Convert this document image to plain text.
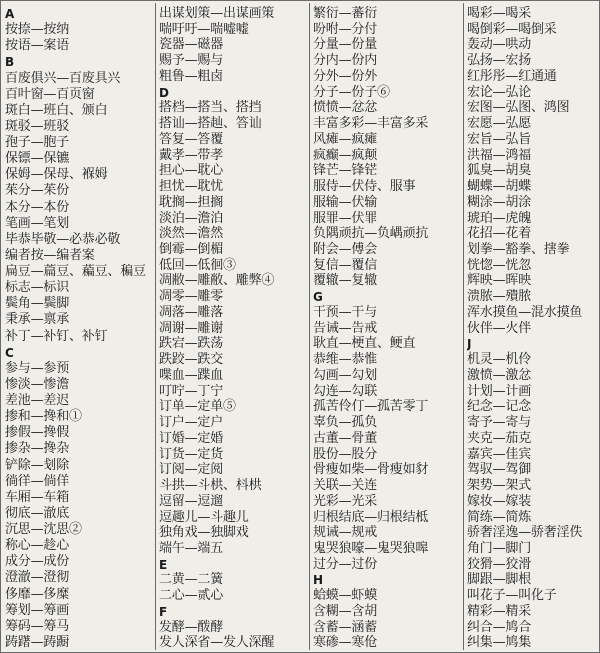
A
按捺—按纳
按语—案语
B
百废俱兴—百废具兴
百叶窗—百页窗
斑白—班白、颁白
斑驳—班驳
孢子—胞子
保镖—保镳
保姆—保母、褓姆
茱分—茱份
本分—本份
笔画—笔划
毕恭毕敬—必恭必敬
编者按—编者案
扁豆—萹豆、藊豆、稨豆
标志—标识
鬓角—鬓脚
秉承—禀承
补丁—补钉、补钉
C
参与—参预
惨淡—惨澹
差池—差迟
掺和—搀和①
掺假—搀假
掺杂—搀杂
铲除—刬除
徜徉—倘佯
车厢—车箱
彻底—澈底
沉思—沈思②
称心—趁心
成分—成份
澄澈—澄彻
侈靡—侈糜
筹划—筹画
筹码—筹马
踌躇—踌蹰
出谋划策—出谋画策
喘吁吁—喘嘘嘘
瓷器—磁器
赐予—赐与
粗鲁—粗卤
D
搭档—搭当、搭挡
搭讪—搭赸、答讪
答复—答覆
戴孝—带孝
担心—耽心
担忧—耽忧
耽搁—担搁
淡泊—澹泊
淡然—澹然
倒霉—倒楣
低回—低徊③
凋敝—雕敝、雕弊④
凋零—雕零
凋落—雕落
凋谢—雕谢
跌宕—跌荡
跌跤—跌交
喋血—蹀血
叮咛—丁宁
订单—定单⑤
订户—定户
订婚—定婚
订货—定货
订阅—定阅
斗拱—斗栱、枓栱
逗留—逗遛
逗趣儿—斗趣儿
独角戏—独脚戏
端午—端五
E
二黄—二簧
二心—贰心
F
发酵—酦酵
发人深省—发人深醒
繁衍—蕃衍
吩咐—分付
分量—份量
分内—份内
分外—份外
分子—份子⑥
愤愤—忿忿
丰富多彩—丰富多采
风瘫—疯瘫
疯癫—疯颠
锋芒—锋铓
服侍—伏侍、服事
服输—伏输
服罪—伏罪
负隅顽抗—负嵎顽抗
附会—傅会
复信—覆信
覆辙—复辙
G
干预—干与
告诫—告戒
耿直—梗直、鲠直
恭维—恭惟
勾画—勾划
勾连—勾联
孤苦伶仃—孤苦零丁
辜负—孤负
古董—骨董
股份—股分
骨瘦如柴—骨瘦如豺
关联—关连
光彩—光采
归根结底—归根结柢
规诫—规戒
鬼哭狼嚎—鬼哭狼嗥
过分—过份
H
蛤蟆—虾蟆
含糊—含胡
含蓄—涵蓄
寒碜—寒伧
喝彩—喝采
喝倒彩—喝倒采
轰动—哄动
弘扬—宏扬
红彤彤—红通通
宏论—弘论
宏图—弘图、鸿图
宏愿—弘愿
宏旨—弘旨
洪福—鸿福
狐臭—胡臭
蝴蝶—胡蝶
糊涂—胡涂
琥珀—虎魄
花招—花着
划拳—豁拳、搳拳
恍惚—恍忽
辉映—晖映
溃脓—殨脓
浑水摸鱼—混水摸鱼
伙伴—火伴
J
机灵—机伶
激愤—激忿
计划—计画
纪念—记念
寄予—寄与
夹克—茄克
嘉宾—佳宾
驾驭—驾御
架势—架式
嫁妆—嫁装
简练—简炼
骄奢淫逸—骄奢淫佚
角门—脚门
狡猾—狡滑
脚跟—脚根
叫花子—叫化子
精彩—精采
纠合—鸠合
纠集—鸠集
